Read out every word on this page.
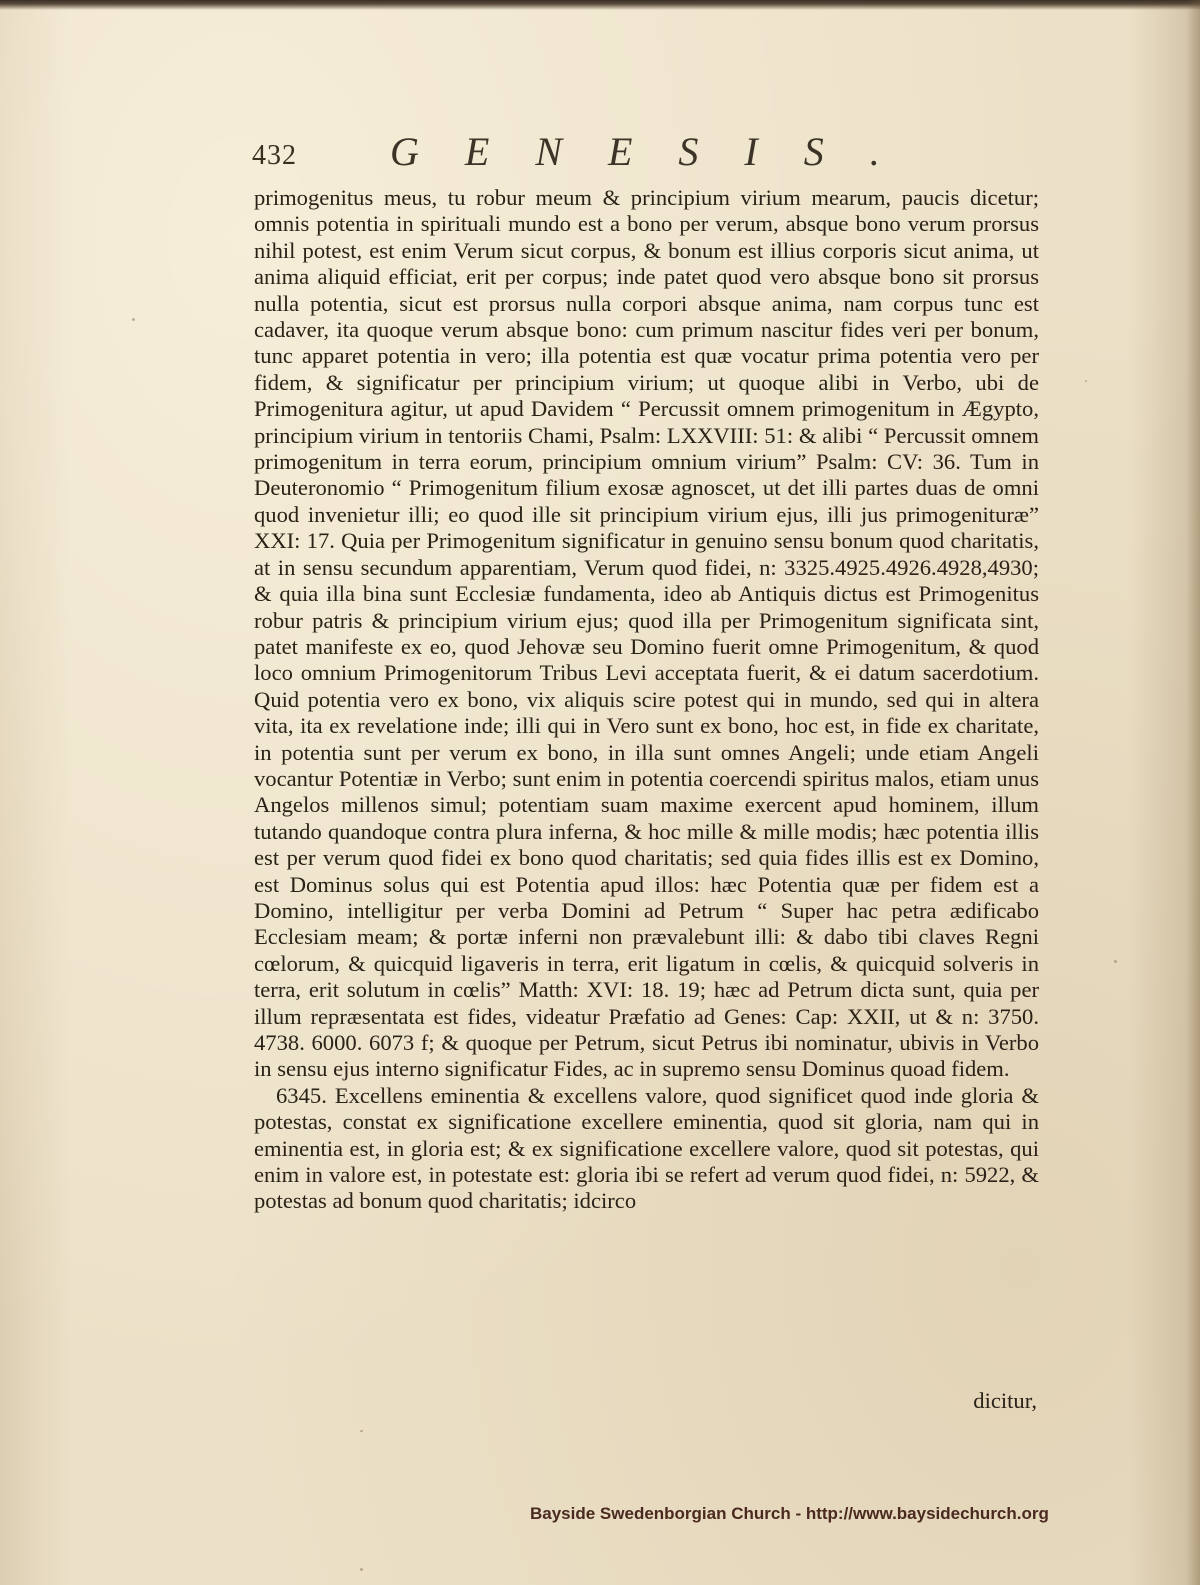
432 GENESIS.

primogenitus meus, tu robur meum & principium virium mearum, paucis dicetur; omnis potentia in spirituali mundo est a bono per verum, absque bono verum prorsus nihil potest, est enim Verum sicut corpus, & bonum est illius corporis sicut anima, ut anima aliquid efficiat, erit per corpus; inde patet quod vero absque bono sit prorsus nulla potentia, sicut est prorsus nulla corpori absque anima, nam corpus tunc est cadaver, ita quoque verum absque bono: cum primum nascitur fides veri per bonum, tunc apparet potentia in vero; illa potentia est quæ vocatur prima potentia vero per fidem, & significatur per principium virium; ut quoque alibi in Verbo, ubi de Primogenitura agitur, ut apud Davidem “ Percussit omnem primogenitum in Ægypto, principium virium in tentoriis Chami, Psalm: LXXVIII: 51: & alibi “ Percussit omnem primogenitum in terra eorum, principium omnium virium” Psalm: CV: 36. Tum in Deuteronomio “ Primogenitum filium exosæ agnoscet, ut det illi partes duas de omni quod invenietur illi; eo quod ille sit principium virium ejus, illi jus primogenituræ” XXI: 17. Quia per Primogenitum significatur in genuino sensu bonum quod charitatis, at in sensu secundum apparentiam, Verum quod fidei, n: 3325.4925.4926.4928,4930; & quia illa bina sunt Ecclesiæ fundamenta, ideo ab Antiquis dictus est Primogenitus robur patris & principium virium ejus; quod illa per Primogenitum significata sint, patet manifeste ex eo, quod Jehovæ seu Domino fuerit omne Primogenitum, & quod loco omnium Primogenitorum Tribus Levi acceptata fuerit, & ei datum sacerdotium. Quid potentia vero ex bono, vix aliquis scire potest qui in mundo, sed qui in altera vita, ita ex revelatione inde; illi qui in Vero sunt ex bono, hoc est, in fide ex charitate, in potentia sunt per verum ex bono, in illa sunt omnes Angeli; unde etiam Angeli vocantur Potentiæ in Verbo; sunt enim in potentia coercendi spiritus malos, etiam unus Angelos millenos simul; potentiam suam maxime exercent apud hominem, illum tutando quandoque contra plura inferna, & hoc mille & mille modis; hæc potentia illis est per verum quod fidei ex bono quod charitatis; sed quia fides illis est ex Domino, est Dominus solus qui est Potentia apud illos: hæc Potentia quæ per fidem est a Domino, intelligitur per verba Domini ad Petrum “ Super hac petra ædificabo Ecclesiam meam; & portæ inferni non prævalebunt illi: & dabo tibi claves Regni cœlorum, & quicquid ligaveris in terra, erit ligatum in cœlis, & quicquid solveris in terra, erit solutum in cœlis” Matth: XVI: 18. 19; hæc ad Petrum dicta sunt, quia per illum repræsentata est fides, videatur Præfatio ad Genes: Cap: XXII, ut & n: 3750. 4738. 6000. 6073 f; & quoque per Petrum, sicut Petrus ibi nominatur, ubivis in Verbo in sensu ejus interno significatur Fides, ac in supremo sensu Dominus quoad fidem.

6345. Excellens eminentia & excellens valore, quod significet quod inde gloria & potestas, constat ex significatione excellere eminentia, quod sit gloria, nam qui in eminentia est, in gloria est; & ex significatione excellere valore, quod sit potestas, qui enim in valore est, in potestate est: gloria ibi se refert ad verum quod fidei, n: 5922, & potestas ad bonum quod charitatis; idcirco

dicitur,
Bayside Swedenborgian Church - http://www.baysidechurch.org
